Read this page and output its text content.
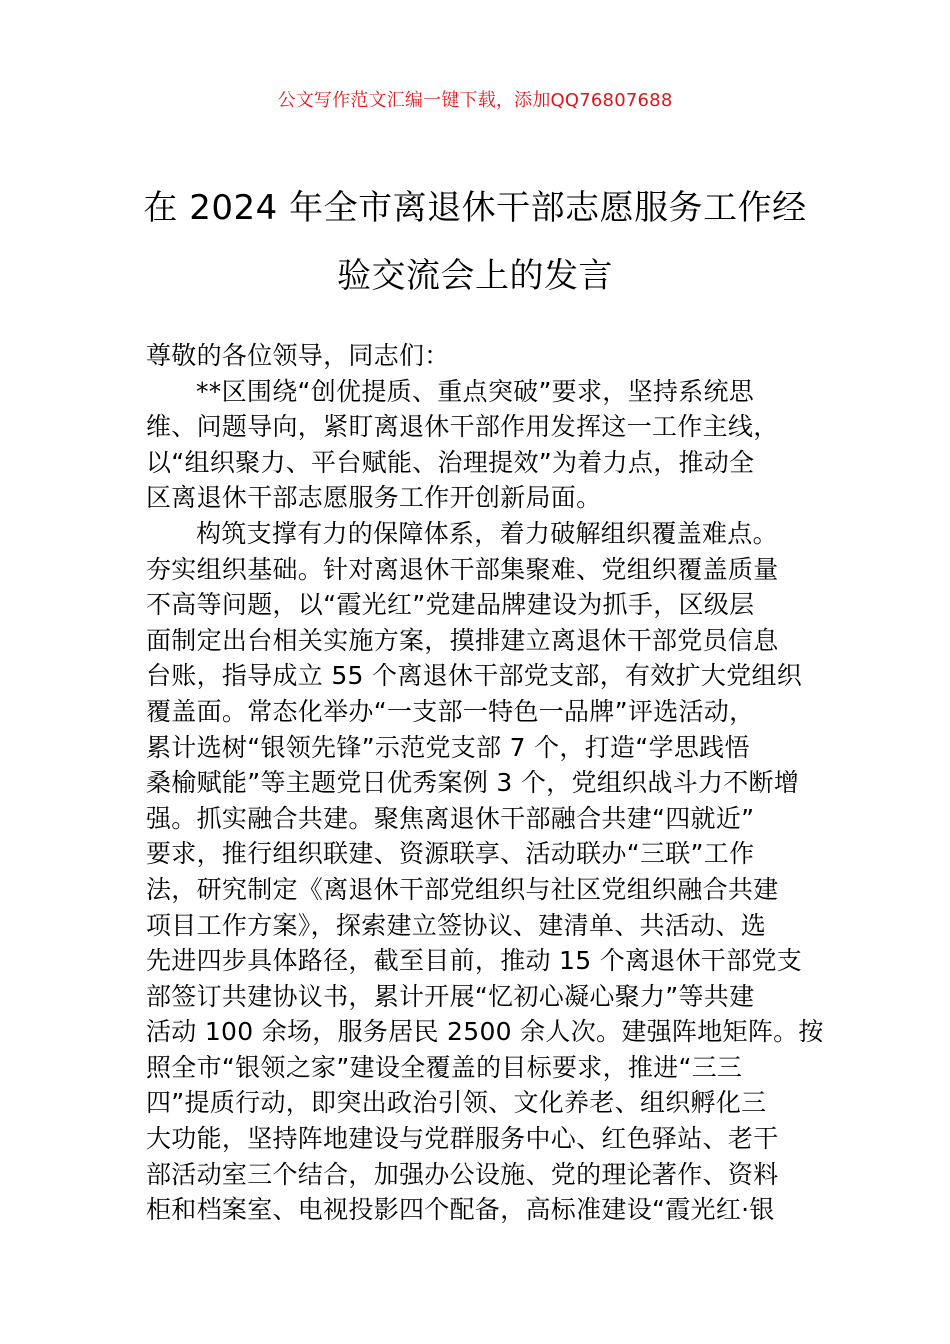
公文写作范文汇编一键下载，添加QQ76807688
在 2024 年全市离退休干部志愿服务工作经
验交流会上的发言
尊敬的各位领导，同志们：
**区围绕“创优提质、重点突破”要求，坚持系统思
维、问题导向，紧盯离退休干部作用发挥这一工作主线，
以“组织聚力、平台赋能、治理提效”为着力点，推动全
区离退休干部志愿服务工作开创新局面。
构筑支撑有力的保障体系，着力破解组织覆盖难点。
夯实组织基础。针对离退休干部集聚难、党组织覆盖质量
不高等问题，以“霞光红”党建品牌建设为抓手，区级层
面制定出台相关实施方案，摸排建立离退休干部党员信息
台账，指导成立 55 个离退休干部党支部，有效扩大党组织
覆盖面。常态化举办“一支部一特色一品牌”评选活动，
累计选树“银领先锋”示范党支部 7 个，打造“学思践悟
桑榆赋能”等主题党日优秀案例 3 个，党组织战斗力不断增
强。抓实融合共建。聚焦离退休干部融合共建“四就近”
要求，推行组织联建、资源联享、活动联办“三联”工作
法，研究制定《离退休干部党组织与社区党组织融合共建
项目工作方案》，探索建立签协议、建清单、共活动、选
先进四步具体路径，截至目前，推动 15 个离退休干部党支
部签订共建协议书，累计开展“忆初心凝心聚力”等共建
活动 100 余场，服务居民 2500 余人次。建强阵地矩阵。按
照全市“银领之家”建设全覆盖的目标要求，推进“三三
四”提质行动，即突出政治引领、文化养老、组织孵化三
大功能，坚持阵地建设与党群服务中心、红色驿站、老干
部活动室三个结合，加强办公设施、党的理论著作、资料
柜和档案室、电视投影四个配备，高标准建设“霞光红·银
